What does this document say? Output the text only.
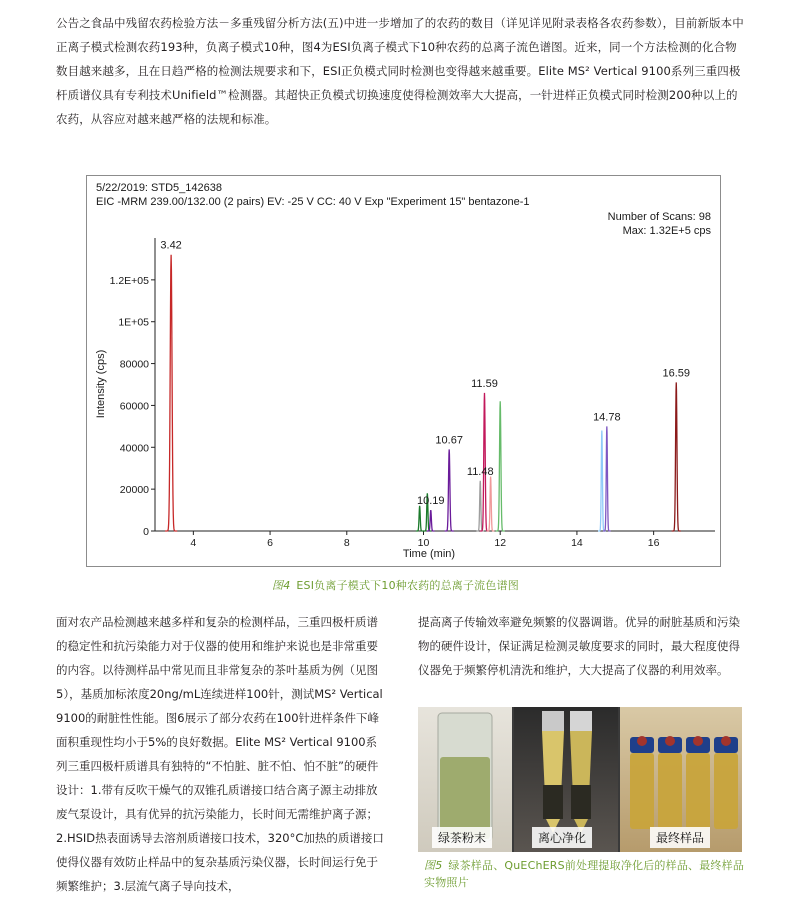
公告之食品中残留农药检验方法－多重残留分析方法(五)中进一步增加了的农药的数目（详见详见附录表格各农药参数），目前新版本中正离子模式检测农药193种，负离子模式10种，图4为ESI负离子模式下10种农药的总离子流色谱图。近来，同一个方法检测的化合物数目越来越多，且在日趋严格的检测法规要求和下，ESI正负模式同时检测也变得越来越重要。Elite MS² Vertical 9100系列三重四极杆质谱仪具有专利技术Unifield™检测器。其超快正负模式切换速度使得检测效率大大提高，一针进样正负模式同时检测200种以上的农药，从容应对越来越严格的法规和标准。

5/22/2019: STD5_142638
EIC -MRM 239.00/132.00 (2 pairs) EV: -25 V CC: 40 V Exp "Experiment 15" bentazone-1
Number of Scans: 98
Max: 1.32E+5 cps
Intensity (cps)
Time (min)
4	6	8	10	12	14	16
0
20000
40000
60000
80000
1E+05
1.2E+05
3.42
10.19
10.67
11.48
11.59
14.78
16.59
图4 ESI负离子模式下10种农药的总离子流色谱图

面对农产品检测越来越多样和复杂的检测样品，三重四极杆质谱的稳定性和抗污染能力对于仪器的使用和维护来说也是非常重要的内容。以待测样品中常见而且非常复杂的茶叶基质为例（见图5），基质加标浓度20ng/mL连续进样100针，测试MS² Vertical 9100的耐脏性性能。图6展示了部分农药在100针进样条件下峰面积重现性均小于5%的良好数据。Elite MS² Vertical 9100系列三重四极杆质谱具有独特的“不怕脏、脏不怕、怕不脏”的硬件设计：1.带有反吹干燥气的双锥孔质谱接口结合离子源主动排放废气泵设计，具有优异的抗污染能力，长时间无需维护离子源；2.HSID热表面诱导去溶剂质谱接口技术，320°C加热的质谱接口使得仪器有效防止样品中的复杂基质污染仪器，长时间运行免于频繁维护；3.层流气离子导向技术，

提高离子传输效率避免频繁的仪器调谐。优异的耐脏基质和污染物的硬件设计，保证满足检测灵敏度要求的同时，最大程度使得仪器免于频繁停机清洗和维护，大大提高了仪器的利用效率。

绿茶粉末	离心净化	最终样品
图5 绿茶样品、QuEChERS前处理提取净化后的样品、最终样品实物照片
